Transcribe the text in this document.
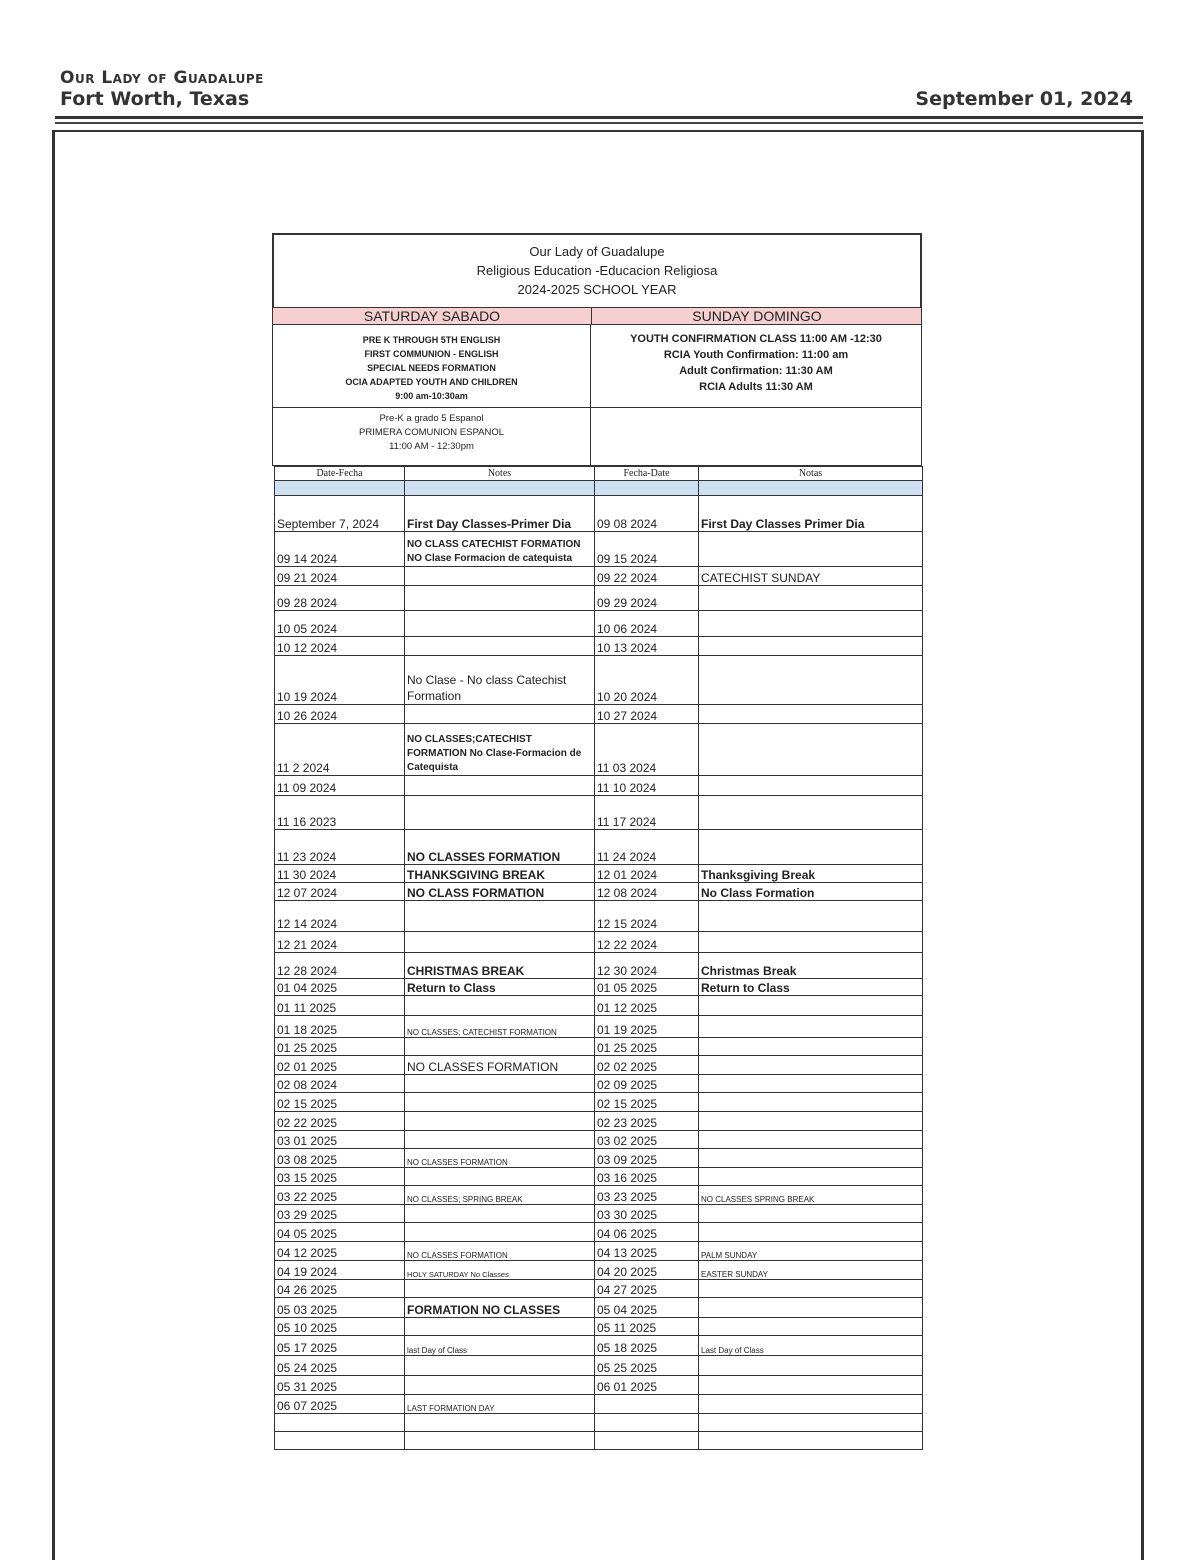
Our Lady of Guadalupe
Fort Worth, Texas	September 01, 2024
Our Lady of Guadalupe
Religious Education -Educacion Religiosa
2024-2025 SCHOOL YEAR
SATURDAY SABADO	SUNDAY DOMINGO
PRE K THROUGH 5TH ENGLISH
FIRST COMMUNION - ENGLISH
SPECIAL NEEDS FORMATION
OCIA ADAPTED YOUTH AND CHILDREN
9:00 am-10:30am
YOUTH CONFIRMATION CLASS 11:00 AM -12:30
RCIA Youth Confirmation: 11:00 am
Adult Confirmation: 11:30 AM
RCIA Adults 11:30 AM
Pre-K a grado 5 Espanol
PRIMERA COMUNION ESPANOL
11:00 AM - 12:30pm
Date-Fecha	Notes	Fecha-Date	Notas

September 7, 2024	First Day Classes-Primer Dia	09 08 2024	First Day Classes Primer Dia
09 14 2024	NO CLASS CATECHIST FORMATION NO Clase Formacion de catequista	09 15 2024	
09 21 2024		09 22 2024	CATECHIST SUNDAY
09 28 2024		09 29 2024	
10 05 2024		10 06 2024	
10 12 2024		10 13 2024	
10 19 2024	No Clase - No class Catechist Formation	10 20 2024	
10 26 2024		10 27 2024	
11 2 2024	NO CLASSES;CATECHIST FORMATION No Clase-Formacion de Catequista	11 03 2024	
11 09 2024		11 10 2024	
11 16 2023		11 17 2024	
11 23 2024	NO CLASSES FORMATION	11 24 2024	
11 30 2024	THANKSGIVING BREAK	12 01 2024	Thanksgiving Break
12 07 2024	NO CLASS FORMATION	12 08 2024	No Class Formation
12 14 2024		12 15 2024	
12 21 2024		12 22 2024	
12 28 2024	CHRISTMAS BREAK	12 30 2024	Christmas Break
01 04 2025	Return to Class	01 05 2025	Return to Class
01 11 2025		01 12 2025	
01 18 2025	NO CLASSES; CATECHIST FORMATION	01 19 2025	
01 25 2025		01 25 2025	
02 01 2025	NO CLASSES FORMATION	02 02 2025	
02 08 2024		02 09 2025	
02 15 2025		02 15 2025	
02 22 2025		02 23 2025	
03 01 2025		03 02 2025	
03 08 2025	NO CLASSES FORMATION	03 09 2025	
03 15 2025		03 16 2025	
03 22 2025	NO CLASSES; SPRING BREAK	03 23 2025	NO CLASSES SPRING BREAK
03 29 2025		03 30 2025	
04 05 2025		04 06 2025	
04 12 2025	NO CLASSES FORMATION	04 13 2025	PALM SUNDAY
04 19 2024	HOLY SATURDAY No Classes	04 20 2025	EASTER SUNDAY
04 26 2025		04 27 2025	
05 03 2025	FORMATION NO CLASSES	05 04 2025	
05 10 2025		05 11 2025	
05 17 2025	last Day of Class	05 18 2025	Last Day of Class
05 24 2025		05 25 2025	
05 31 2025		06 01 2025	
06 07 2025	LAST FORMATION DAY		
